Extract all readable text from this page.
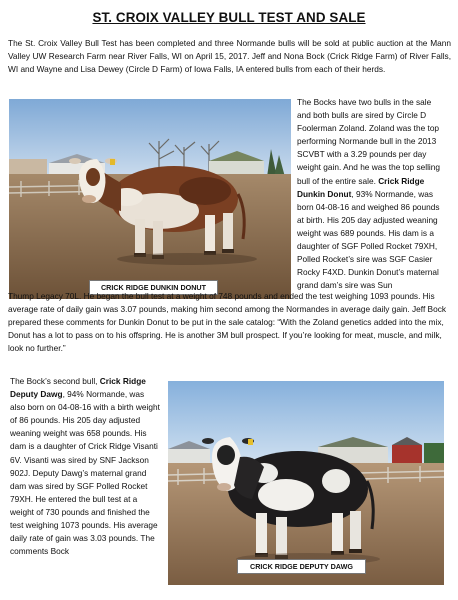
ST. CROIX VALLEY BULL TEST AND SALE
The St. Croix Valley Bull Test has been completed and three Normande bulls will be sold at public auction at the Mann Valley UW Research Farm near River Falls, WI on April 15, 2017. Jeff and Nona Bock (Crick Ridge Farm) of River Falls, WI and Wayne and Lisa Dewey (Circle D Farm) of Iowa Falls, IA entered bulls from each of their herds.
CRICK RIDGE DUNKIN DONUT
The Bocks have two bulls in the sale and both bulls are sired by Circle D Foolerman Zoland. Zoland was the top performing Normande bull in the 2013 SCVBT with a 3.29 pounds per day weight gain. And he was the top selling bull of the entire sale. Crick Ridge Dunkin Donut, 93% Normande, was born 04-08-16 and weighed 86 pounds at birth. His 205 day adjusted weaning weight was 689 pounds. His dam is a daughter of SGF Polled Rocket 79XH, Polled Rocket’s sire was SGF Casier Rocky F4XD. Dunkin Donut’s maternal grand dam’s sire was Sun
Thump Legacy 70L. He began the bull test at a weight of 748 pounds and ended the test weighing 1093 pounds. His average rate of daily gain was 3.07 pounds, making him second among the Normandes in average daily gain. Jeff Bock prepared these comments for Dunkin Donut to be put in the sale catalog: “With the Zoland genetics added into the mix, Donut has a lot to pass on to his offspring. He is another 3M bull prospect. If you’re looking for meat, muscle, and milk, look no further.”
The Bock’s second bull, Crick Ridge Deputy Dawg, 94% Normande, was also born on 04-08-16 with a birth weight of 86 pounds. His 205 day adjusted weaning weight was 658 pounds. His dam is a daughter of Crick Ridge Visanti 6V. Visanti was sired by SNF Jackson 902J. Deputy Dawg’s maternal grand dam was sired by SGF Polled Rocket 79XH. He entered the bull test at a weight of 730 pounds and finished the test weighing 1073 pounds. His average daily rate of gain was 3.03 pounds. The comments Bock
CRICK RIDGE DEPUTY DAWG
